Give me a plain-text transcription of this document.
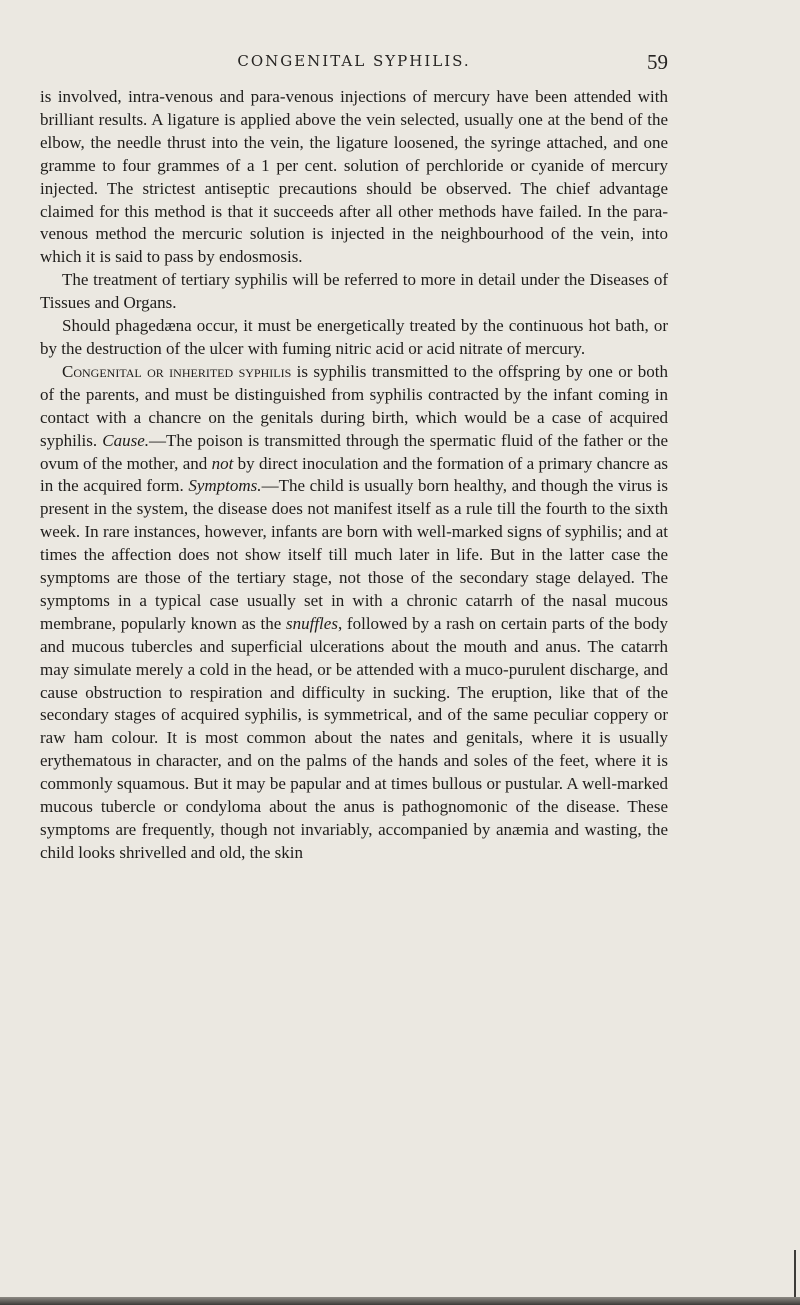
CONGENITAL SYPHILIS.	59

is involved, intra-venous and para-venous injections of mercury have been attended with brilliant results. A ligature is applied above the vein selected, usually one at the bend of the elbow, the needle thrust into the vein, the ligature loosened, the syringe attached, and one gramme to four grammes of a 1 per cent. solution of perchloride or cyanide of mercury injected. The strictest antiseptic precautions should be observed. The chief advantage claimed for this method is that it succeeds after all other methods have failed. In the para-venous method the mercuric solution is injected in the neighbourhood of the vein, into which it is said to pass by endosmosis.

The treatment of tertiary syphilis will be referred to more in detail under the Diseases of Tissues and Organs.

Should phagedæna occur, it must be energetically treated by the continuous hot bath, or by the destruction of the ulcer with fuming nitric acid or acid nitrate of mercury.

Congenital or inherited syphilis is syphilis transmitted to the offspring by one or both of the parents, and must be distinguished from syphilis contracted by the infant coming in contact with a chancre on the genitals during birth, which would be a case of acquired syphilis. Cause.—The poison is transmitted through the spermatic fluid of the father or the ovum of the mother, and not by direct inoculation and the formation of a primary chancre as in the acquired form. Symptoms.—The child is usually born healthy, and though the virus is present in the system, the disease does not manifest itself as a rule till the fourth to the sixth week. In rare instances, however, infants are born with well-marked signs of syphilis; and at times the affection does not show itself till much later in life. But in the latter case the symptoms are those of the tertiary stage, not those of the secondary stage delayed. The symptoms in a typical case usually set in with a chronic catarrh of the nasal mucous membrane, popularly known as the snuffles, followed by a rash on certain parts of the body and mucous tubercles and superficial ulcerations about the mouth and anus. The catarrh may simulate merely a cold in the head, or be attended with a muco-purulent discharge, and cause obstruction to respiration and difficulty in sucking. The eruption, like that of the secondary stages of acquired syphilis, is symmetrical, and of the same peculiar coppery or raw ham colour. It is most common about the nates and genitals, where it is usually erythematous in character, and on the palms of the hands and soles of the feet, where it is commonly squamous. But it may be papular and at times bullous or pustular. A well-marked mucous tubercle or condyloma about the anus is pathognomonic of the disease. These symptoms are frequently, though not invariably, accompanied by anæmia and wasting, the child looks shrivelled and old, the skin
